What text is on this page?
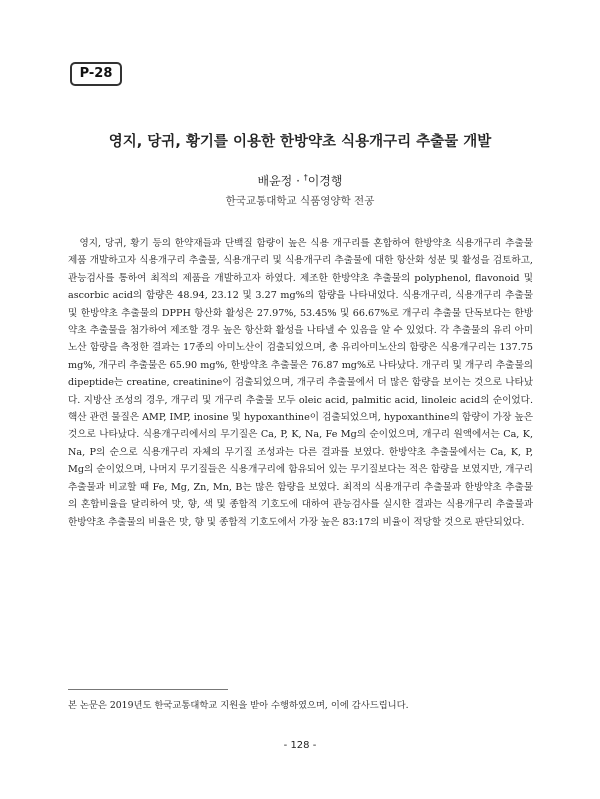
P-28
영지, 당귀, 황기를 이용한 한방약초 식용개구리 추출물 개발
배윤정 · †이경행
한국교통대학교 식품영양학 전공

영지, 당귀, 황기 등의 한약재들과 단백질 함량이 높은 식용 개구리를 혼합하여 한방약초 식용개구리 추출물 제품 개발하고자 식용개구리 추출물, 식용개구리 및 식용개구리 추출물에 대한 항산화 성분 및 활성을 검토하고, 관능검사를 통하여 최적의 제품을 개발하고자 하였다. 제조한 한방약초 추출물의 polyphenol, flavonoid 및 ascorbic acid의 함량은 48.94, 23.12 및 3.27 mg%의 함량을 나타내었다. 식용개구리, 식용개구리 추출물 및 한방약초 추출물의 DPPH 항산화 활성은 27.97%, 53.45% 및 66.67%로 개구리 추출물 단독보다는 한방약초 추출물을 첨가하여 제조할 경우 높은 항산화 활성을 나타낼 수 있음을 알 수 있었다. 각 추출물의 유리 아미노산 함량을 측정한 결과는 17종의 아미노산이 검출되었으며, 총 유리아미노산의 함량은 식용개구리는 137.75 mg%, 개구리 추출물은 65.90 mg%, 한방약초 추출물은 76.87 mg%로 나타났다. 개구리 및 개구리 추출물의 dipeptide는 creatine, creatinine이 검출되었으며, 개구리 추출물에서 더 많은 함량을 보이는 것으로 나타났다. 지방산 조성의 경우, 개구리 및 개구리 추출물 모두 oleic acid, palmitic acid, linoleic acid의 순이었다. 핵산 관련 물질은 AMP, IMP, inosine 및 hypoxanthine이 검출되었으며, hypoxanthine의 함량이 가장 높은 것으로 나타났다. 식용개구리에서의 무기질은 Ca, P, K, Na, Fe Mg의 순이었으며, 개구리 원액에서는 Ca, K, Na, P의 순으로 식용개구리 자체의 무기질 조성과는 다른 결과를 보였다. 한방약초 추출물에서는 Ca, K, P, Mg의 순이었으며, 나머지 무기질들은 식용개구리에 함유되어 있는 무기질보다는 적은 함량을 보였지만, 개구리 추출물과 비교할 때 Fe, Mg, Zn, Mn, B는 많은 함량을 보였다. 최적의 식용개구리 추출물과 한방약초 추출물의 혼합비율을 달리하여 맛, 향, 색 및 종합적 기호도에 대하여 관능검사를 실시한 결과는 식용개구리 추출물과 한방약초 추출물의 비율은 맛, 향 및 종합적 기호도에서 가장 높은 83:17의 비율이 적당할 것으로 판단되었다.

본 논문은 2019년도 한국교통대학교 지원을 받아 수행하였으며, 이에 감사드립니다.
- 128 -
